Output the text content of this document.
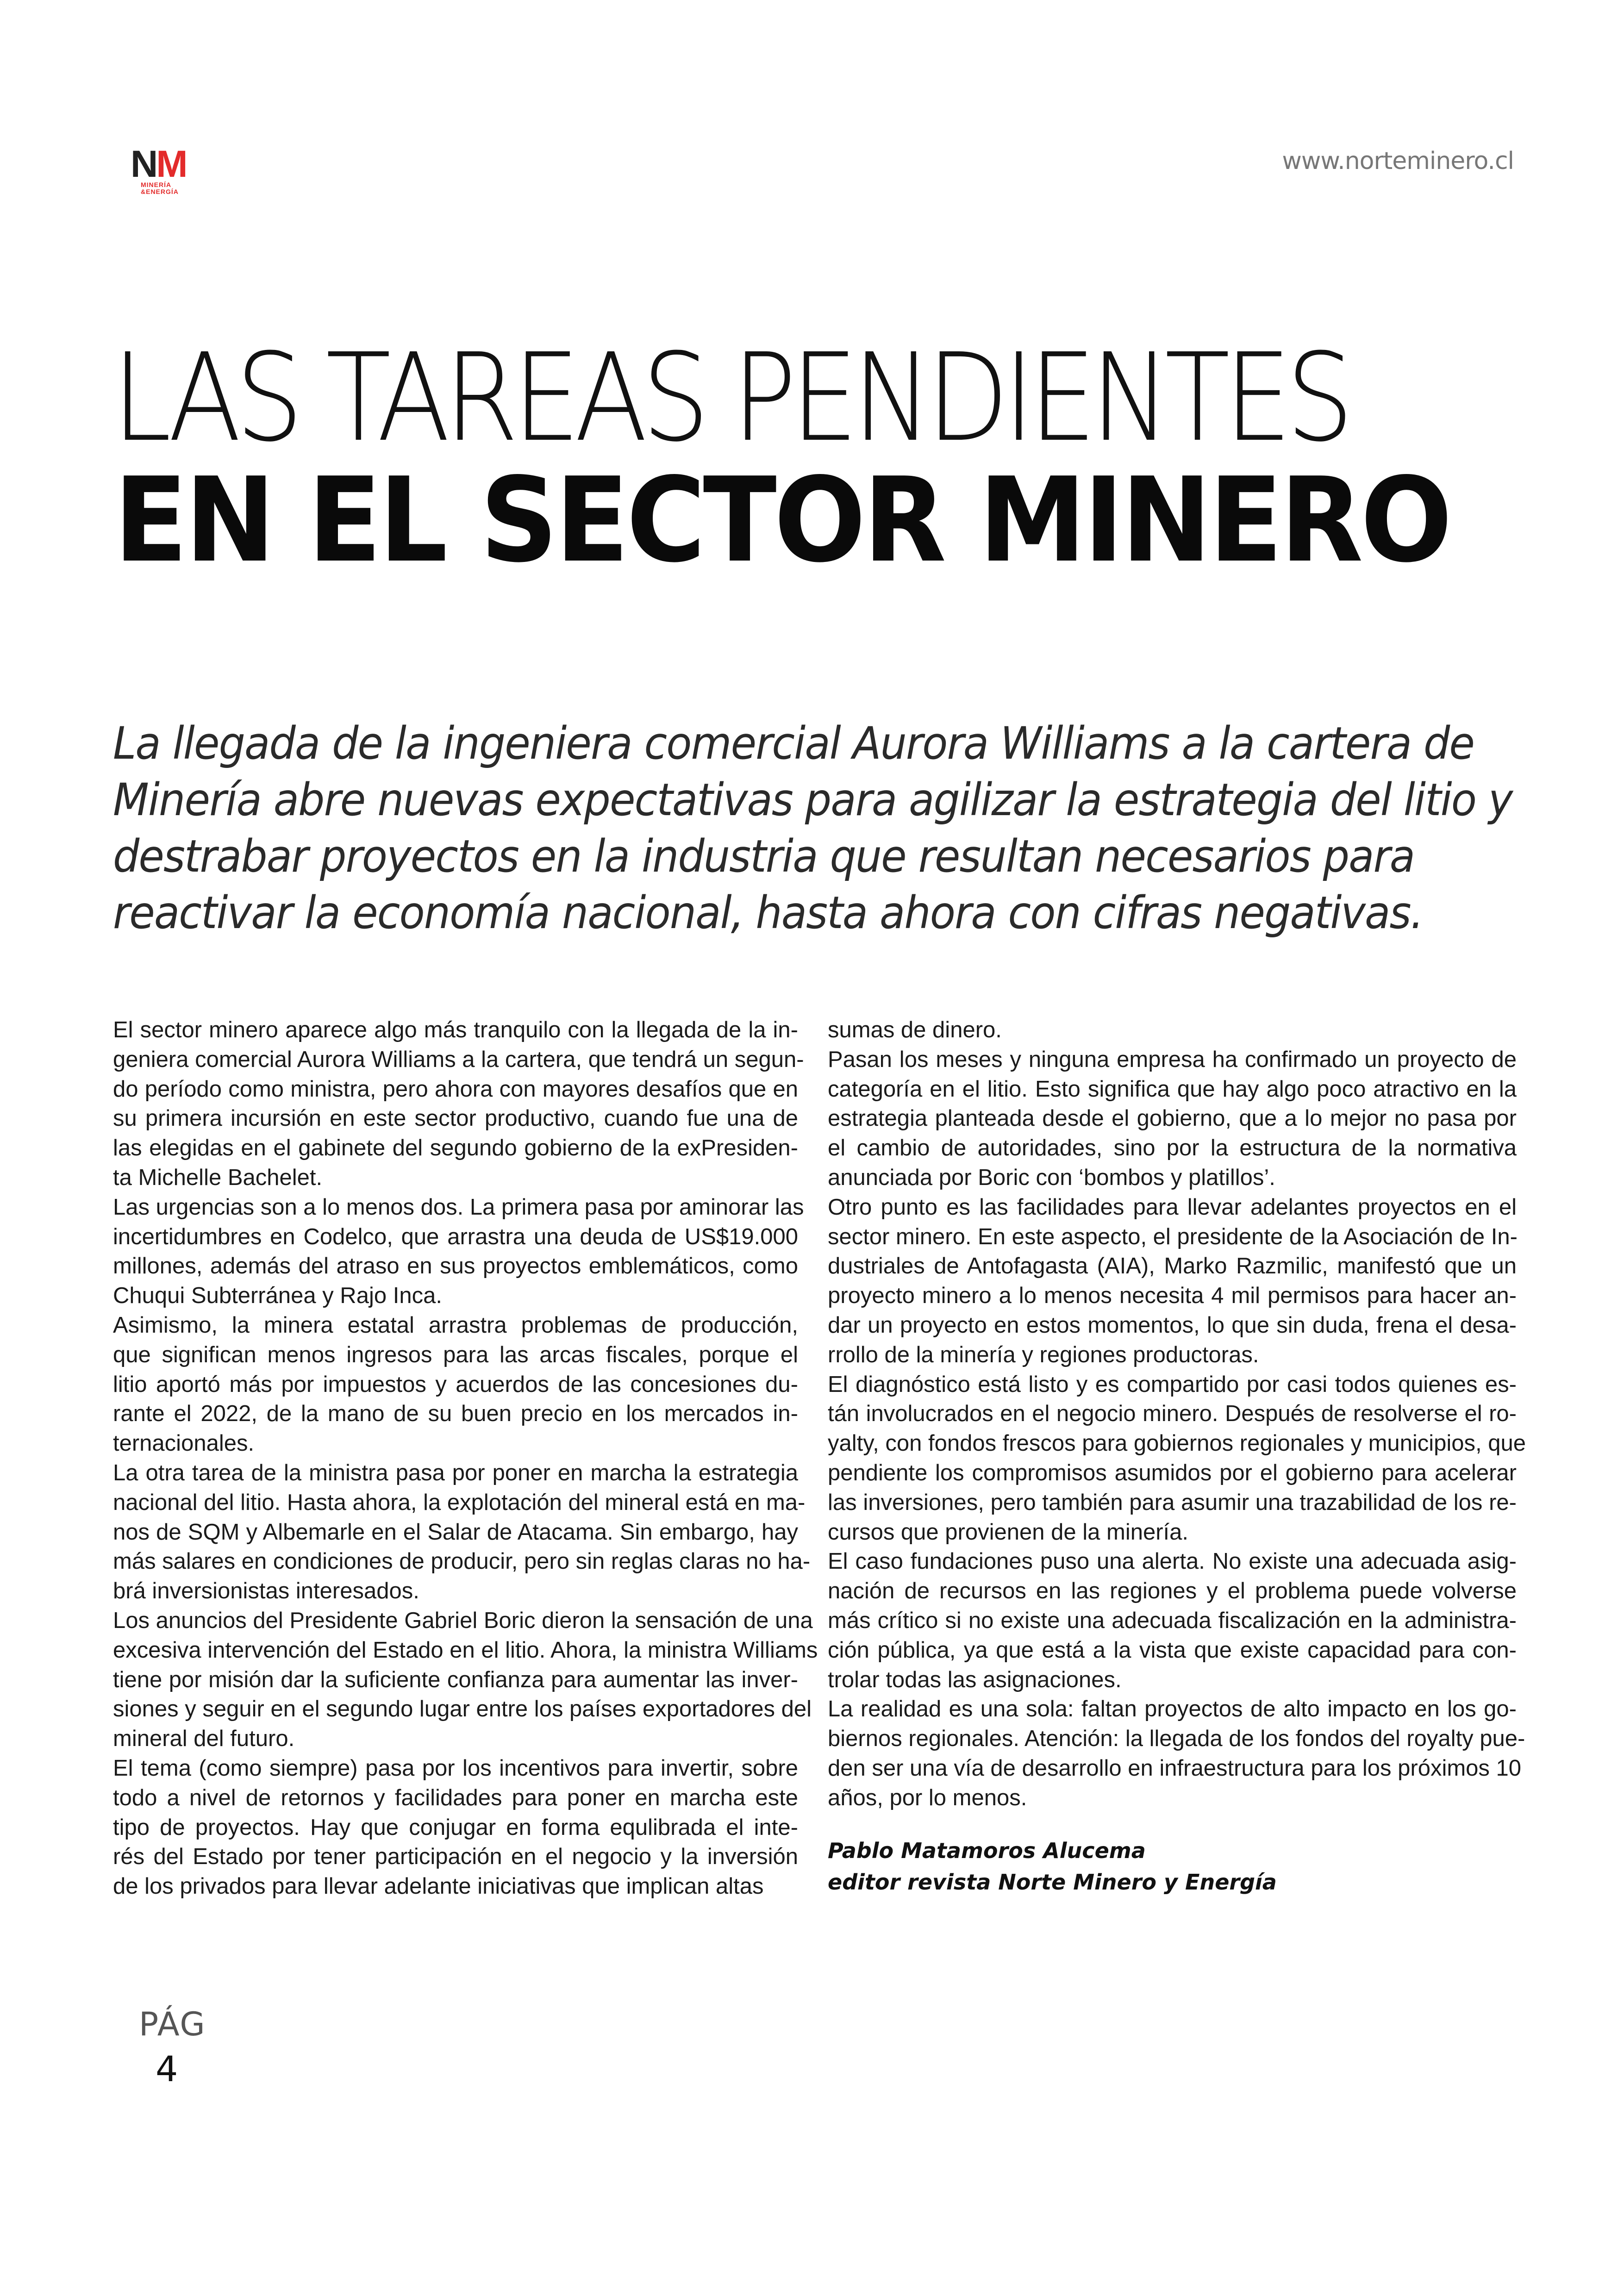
NM
MINERÍA
&ENERGÍA
www.norteminero.cl
LAS TAREAS PENDIENTES
EN EL SECTOR MINERO
La llegada de la ingeniera comercial Aurora Williams a la cartera de
Minería abre nuevas expectativas para agilizar la estrategia del litio y
destrabar proyectos en la industria que resultan necesarios para
reactivar la economía nacional, hasta ahora con cifras negativas.
El sector minero aparece algo más tranquilo con la llegada de la in-
geniera comercial Aurora Williams a la cartera, que tendrá un segun-
do período como ministra, pero ahora con mayores desafíos que en
su primera incursión en este sector productivo, cuando fue una de
las elegidas en el gabinete del segundo gobierno de la exPresiden-
ta Michelle Bachelet.
Las urgencias son a lo menos dos. La primera pasa por aminorar las
incertidumbres en Codelco, que arrastra una deuda de US$19.000
millones, además del atraso en sus proyectos emblemáticos, como
Chuqui Subterránea y Rajo Inca.
Asimismo, la minera estatal arrastra problemas de producción,
que significan menos ingresos para las arcas fiscales, porque el
litio aportó más por impuestos y acuerdos de las concesiones du-
rante el 2022, de la mano de su buen precio en los mercados in-
ternacionales.
La otra tarea de la ministra pasa por poner en marcha la estrategia
nacional del litio. Hasta ahora, la explotación del mineral está en ma-
nos de SQM y Albemarle en el Salar de Atacama. Sin embargo, hay
más salares en condiciones de producir, pero sin reglas claras no ha-
brá inversionistas interesados.
Los anuncios del Presidente Gabriel Boric dieron la sensación de una
excesiva intervención del Estado en el litio. Ahora, la ministra Williams
tiene por misión dar la suficiente confianza para aumentar las inver-
siones y seguir en el segundo lugar entre los países exportadores del
mineral del futuro.
El tema (como siempre) pasa por los incentivos para invertir, sobre
todo a nivel de retornos y facilidades para poner en marcha este
tipo de proyectos. Hay que conjugar en forma equlibrada el inte-
rés del Estado por tener participación en el negocio y la inversión
de los privados para llevar adelante iniciativas que implican altas
sumas de dinero.
Pasan los meses y ninguna empresa ha confirmado un proyecto de
categoría en el litio. Esto significa que hay algo poco atractivo en la
estrategia planteada desde el gobierno, que a lo mejor no pasa por
el cambio de autoridades, sino por la estructura de la normativa
anunciada por Boric con ‘bombos y platillos’.
Otro punto es las facilidades para llevar adelantes proyectos en el
sector minero. En este aspecto, el presidente de la Asociación de In-
dustriales de Antofagasta (AIA), Marko Razmilic, manifestó que un
proyecto minero a lo menos necesita 4 mil permisos para hacer an-
dar un proyecto en estos momentos, lo que sin duda, frena el desa-
rrollo de la minería y regiones productoras.
El diagnóstico está listo y es compartido por casi todos quienes es-
tán involucrados en el negocio minero. Después de resolverse el ro-
yalty, con fondos frescos para gobiernos regionales y municipios, que
pendiente los compromisos asumidos por el gobierno para acelerar
las inversiones, pero también para asumir una trazabilidad de los re-
cursos que provienen de la minería.
El caso fundaciones puso una alerta. No existe una adecuada asig-
nación de recursos en las regiones y el problema puede volverse
más crítico si no existe una adecuada fiscalización en la administra-
ción pública, ya que está a la vista que existe capacidad para con-
trolar todas las asignaciones.
La realidad es una sola: faltan proyectos de alto impacto en los go-
biernos regionales. Atención: la llegada de los fondos del royalty pue-
den ser una vía de desarrollo en infraestructura para los próximos 10
años, por lo menos.
Pablo Matamoros Alucema
editor revista Norte Minero y Energía
PÁG
4
